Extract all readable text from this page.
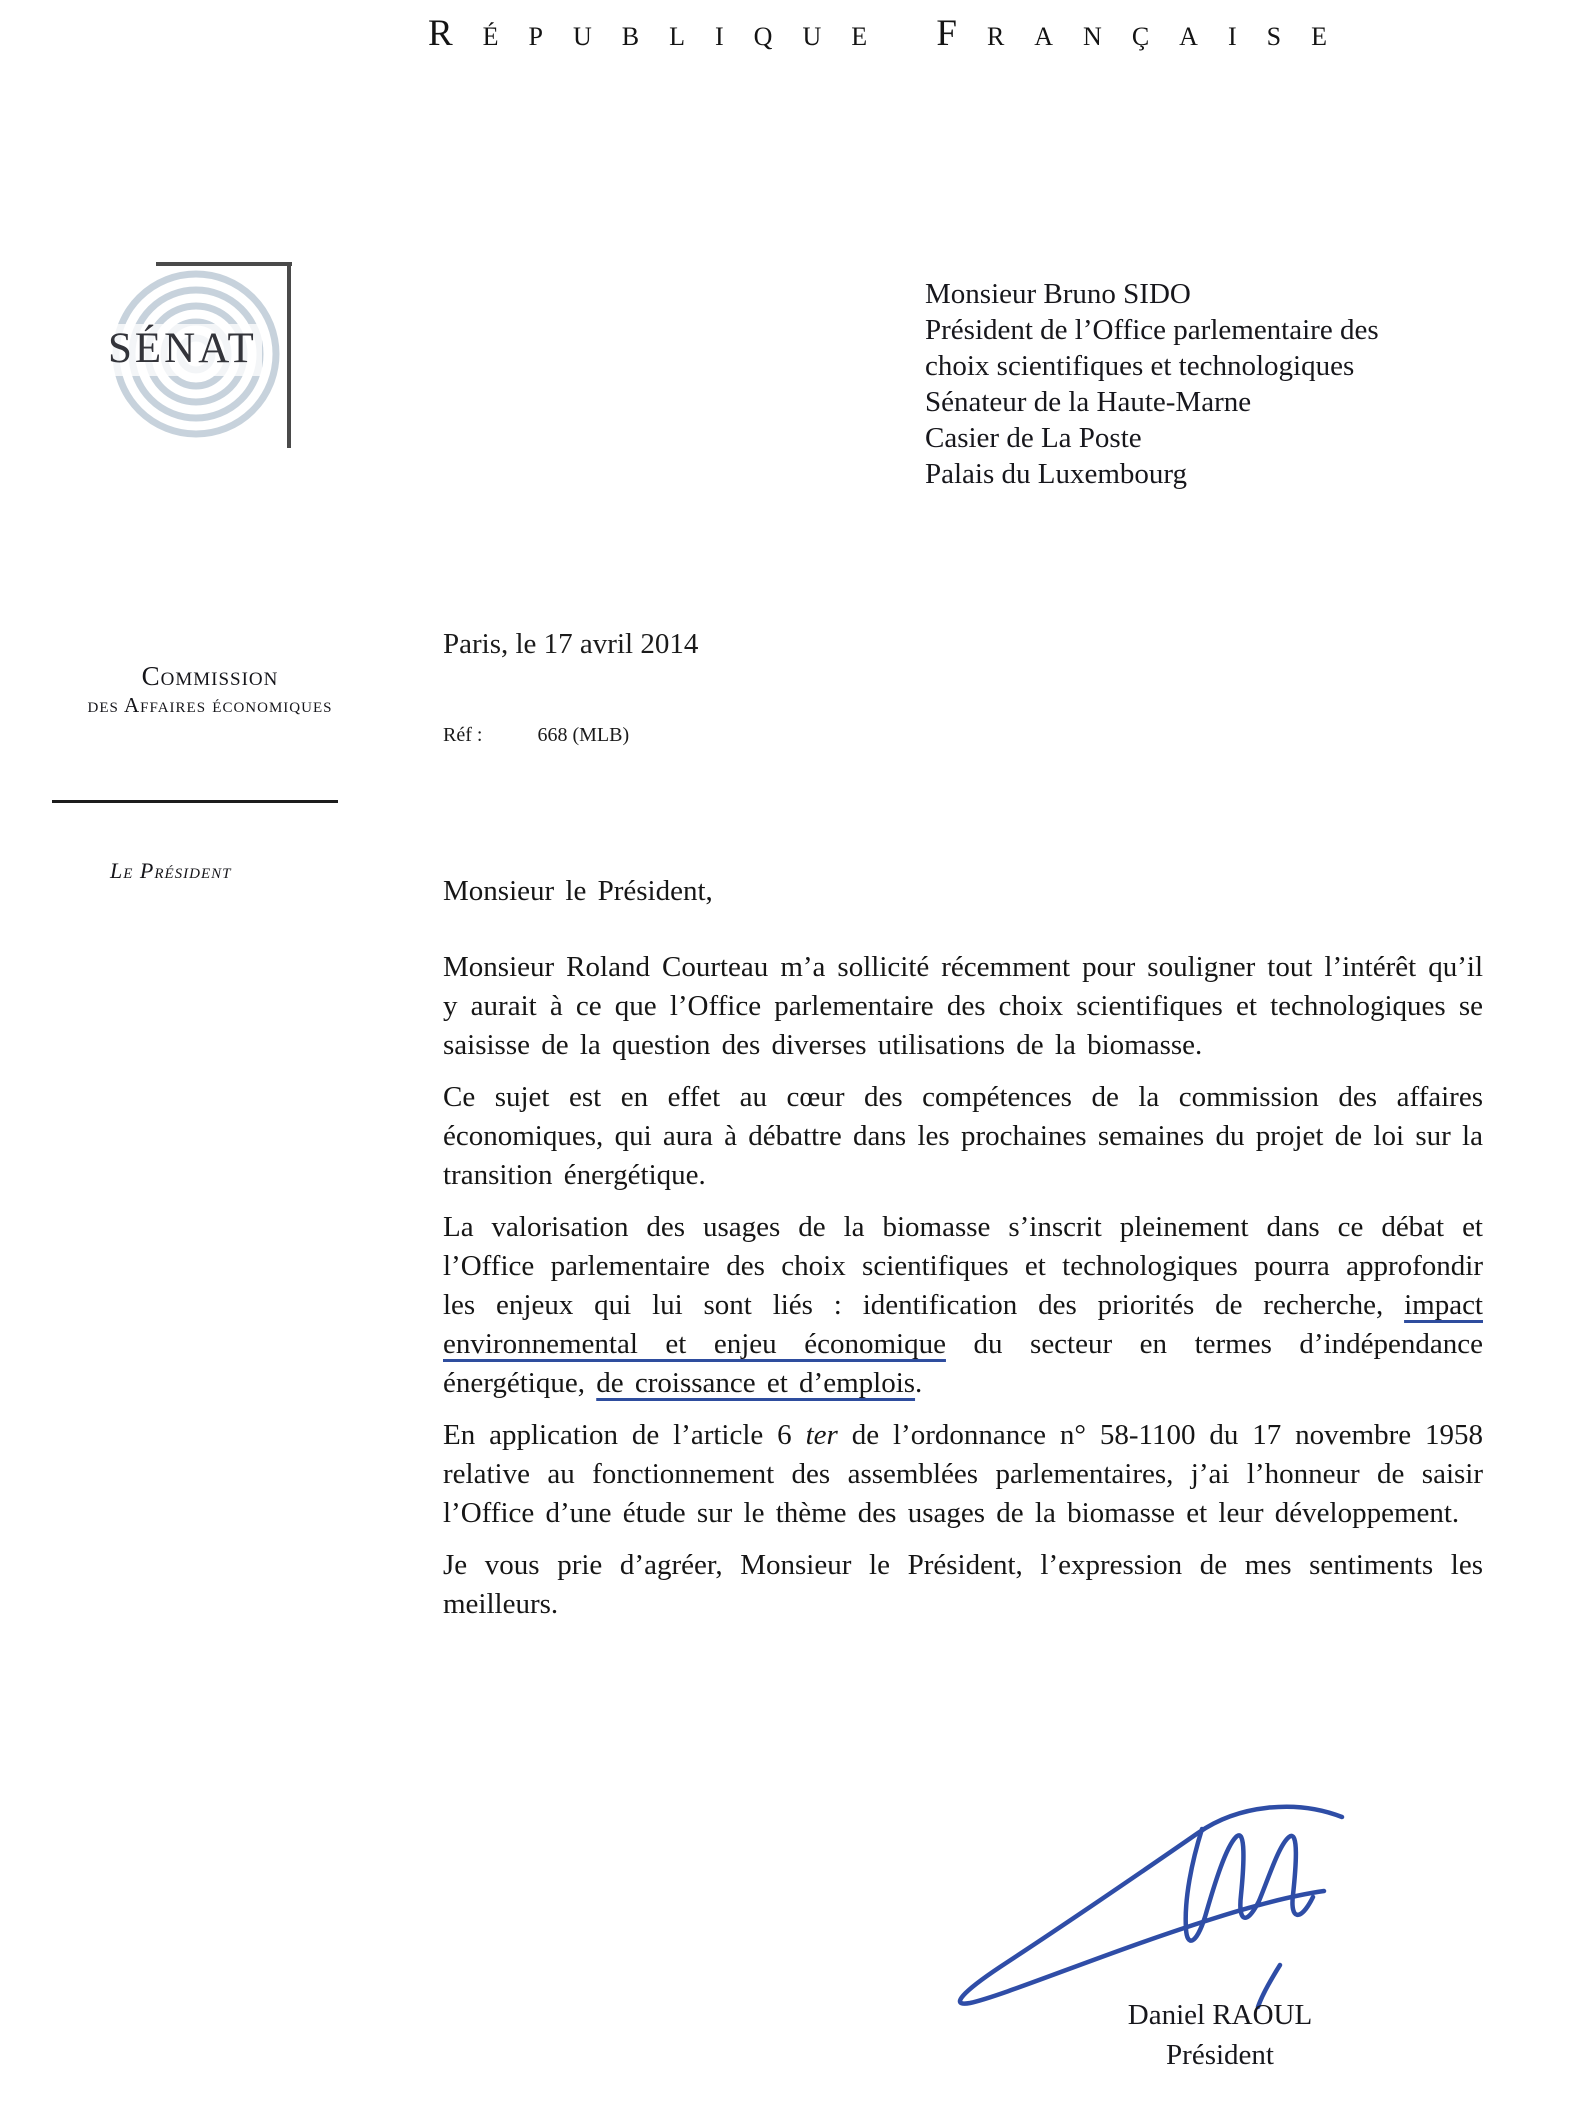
République Française
SÉNAT
Monsieur Bruno SIDO
Président de l’Office parlementaire des
choix scientifiques et technologiques
Sénateur de la Haute-Marne
Casier de La Poste
Palais du Luxembourg
Paris, le 17 avril 2014
Commission
des Affaires économiques
Réf :	668 (MLB)
Le Président

Monsieur le Président,

Monsieur Roland Courteau m’a sollicité récemment pour souligner tout l’intérêt qu’il y aurait à ce que l’Office parlementaire des choix scientifiques et technologiques se saisisse de la question des diverses utilisations de la biomasse.

Ce sujet est en effet au cœur des compétences de la commission des affaires économiques, qui aura à débattre dans les prochaines semaines du projet de loi sur la transition énergétique.

La valorisation des usages de la biomasse s’inscrit pleinement dans ce débat et l’Office parlementaire des choix scientifiques et technologiques pourra approfondir les enjeux qui lui sont liés : identification des priorités de recherche, impact environnemental et enjeu économique du secteur en termes d’indépendance énergétique, de croissance et d’emplois.

En application de l’article 6 ter de l’ordonnance n° 58-1100 du 17 novembre 1958 relative au fonctionnement des assemblées parlementaires, j’ai l’honneur de saisir l’Office d’une étude sur le thème des usages de la biomasse et leur développement.

Je vous prie d’agréer, Monsieur le Président, l’expression de mes sentiments les meilleurs.

Daniel RAOUL
Président
